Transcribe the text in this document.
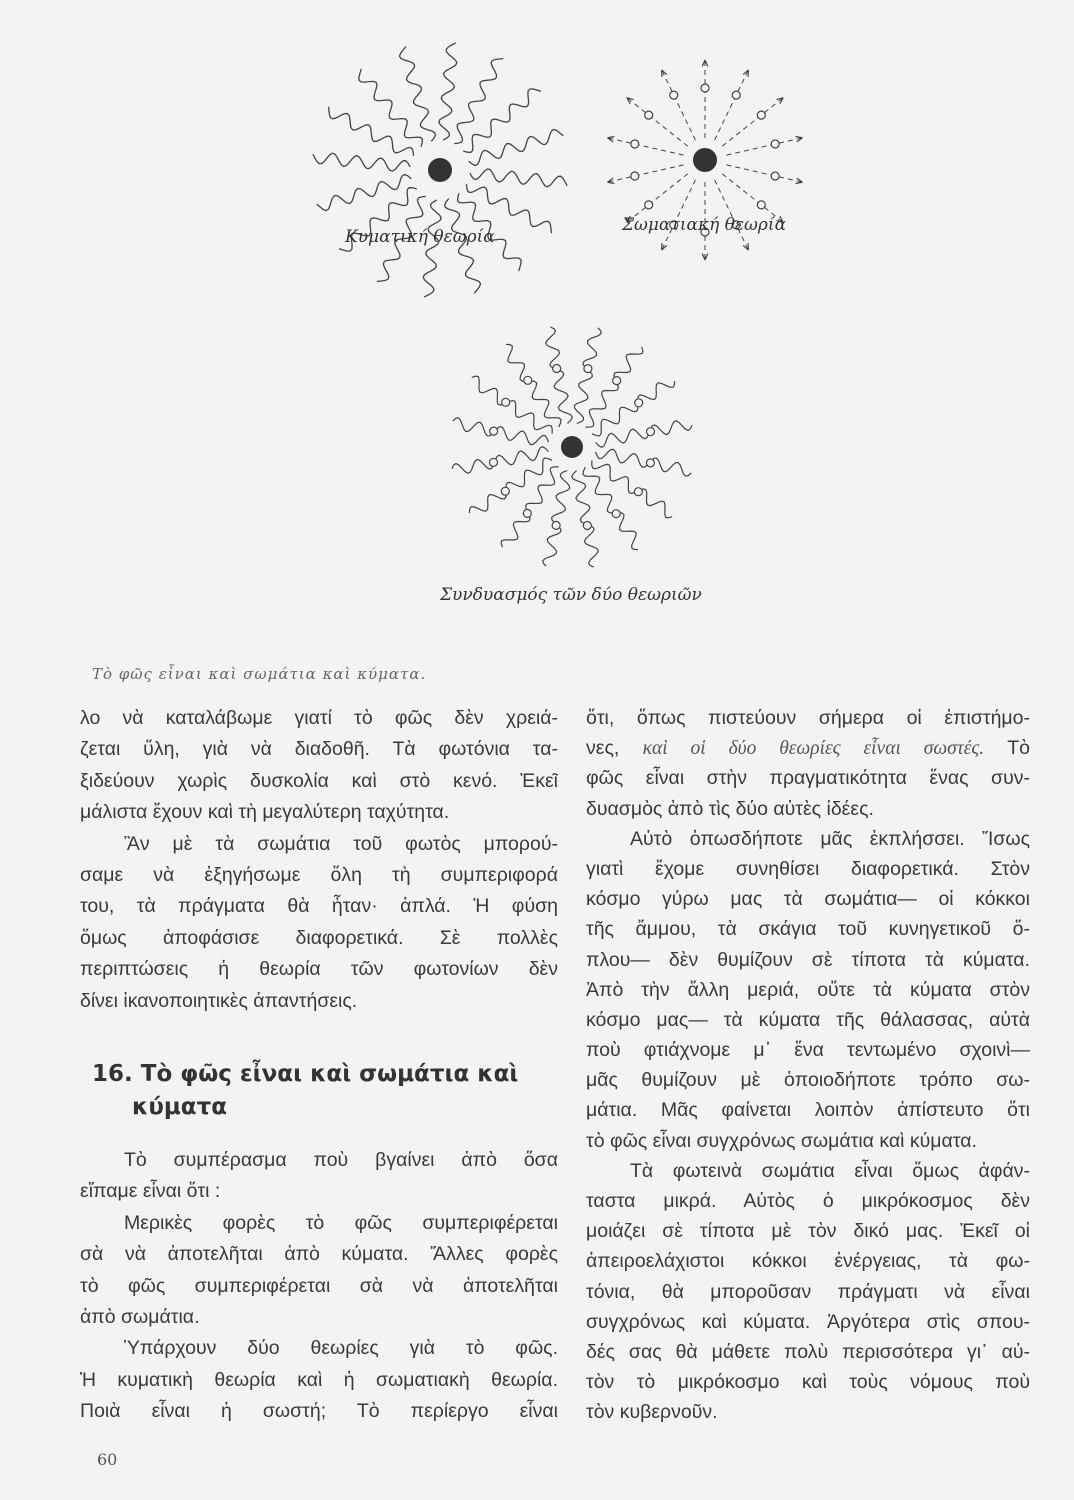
Κυματική θεωρία
Σωματιακή θεωρία
Συνδυασμός τῶν δύο θεωριῶν
Τὸ φῶς εἶναι καὶ σωμάτια καὶ κύματα.
λο νὰ καταλάβωμε γιατί τὸ φῶς δὲν χρειά-
ζεται ὕλη, γιὰ νὰ διαδοθῆ. Τὰ φωτόνια τα-
ξιδεύουν χωρὶς δυσκολία καὶ στὸ κενό. Ἐκεῖ
μάλιστα ἔχουν καὶ τὴ μεγαλύτερη ταχύτητα.
Ἂν μὲ τὰ σωμάτια τοῦ φωτὸς μπορού-
σαμε νὰ ἐξηγήσωμε ὅλη τὴ συμπεριφορά
του, τὰ πράγματα θὰ ἦταν· ἁπλά. Ἡ φύση
ὅμως ἀποφάσισε διαφορετικά. Σὲ πολλὲς
περιπτώσεις ἡ θεωρία τῶν φωτονίων δὲν
δίνει ἱκανοποιητικὲς ἀπαντήσεις.
16. Τὸ φῶς εἶναι καὶ σωμάτια καὶ
κύματα
Τὸ συμπέρασμα ποὺ βγαίνει ἀπὸ ὅσα
εἴπαμε εἶναι ὅτι :
Μερικὲς φορὲς τὸ φῶς συμπεριφέρεται
σὰ νὰ ἀποτελῆται ἀπὸ κύματα. Ἄλλες φορὲς
τὸ φῶς συμπεριφέρεται σὰ νὰ ἀποτελῆται
ἀπὸ σωμάτια.
Ὑπάρχουν δύο θεωρίες γιὰ τὸ φῶς.
Ἡ κυματικὴ θεωρία καὶ ἡ σωματιακὴ θεωρία.
Ποιὰ εἶναι ἡ σωστή; Τὸ περίεργο εἶναι
ὅτι, ὅπως πιστεύουν σήμερα οἱ ἐπιστήμο-
νες, καὶ οἱ δύο θεωρίες εἶναι σωστές. Τὸ
φῶς εἶναι στὴν πραγματικότητα ἕνας συν-
δυασμὸς ἀπὸ τὶς δύο αὐτὲς ἰδέες.
Αὐτὸ ὁπωσδήποτε μᾶς ἐκπλήσσει. Ἴσως
γιατὶ ἔχομε συνηθίσει διαφορετικά. Στὸν
κόσμο γύρω μας τὰ σωμάτια— οἱ κόκκοι
τῆς ἄμμου, τὰ σκάγια τοῦ κυνηγετικοῦ ὅ-
πλου— δὲν θυμίζουν σὲ τίποτα τὰ κύματα.
Ἀπὸ τὴν ἄλλη μεριά, οὔτε τὰ κύματα στὸν
κόσμο μας— τὰ κύματα τῆς θάλασσας, αὐτὰ
ποὺ φτιάχνομε μ᾽ ἕνα τεντωμένο σχοινὶ—
μᾶς θυμίζουν μὲ ὁποιοδήποτε τρόπο σω-
μάτια. Μᾶς φαίνεται λοιπὸν ἀπίστευτο ὅτι
τὸ φῶς εἶναι συγχρόνως σωμάτια καὶ κύματα.
Τὰ φωτεινὰ σωμάτια εἶναι ὅμως ἀφάν-
ταστα μικρά. Αὐτὸς ὁ μικρόκοσμος δὲν
μοιάζει σὲ τίποτα μὲ τὸν δικό μας. Ἐκεῖ οἱ
ἀπειροελάχιστοι κόκκοι ἐνέργειας, τὰ φω-
τόνια, θὰ μποροῦσαν πράγματι νὰ εἶναι
συγχρόνως καὶ κύματα. Ἀργότερα στὶς σπου-
δές σας θὰ μάθετε πολὺ περισσότερα γι᾽ αὐ-
τὸν τὸ μικρόκοσμο καὶ τοὺς νόμους ποὺ
τὸν κυβερνοῦν.
60
